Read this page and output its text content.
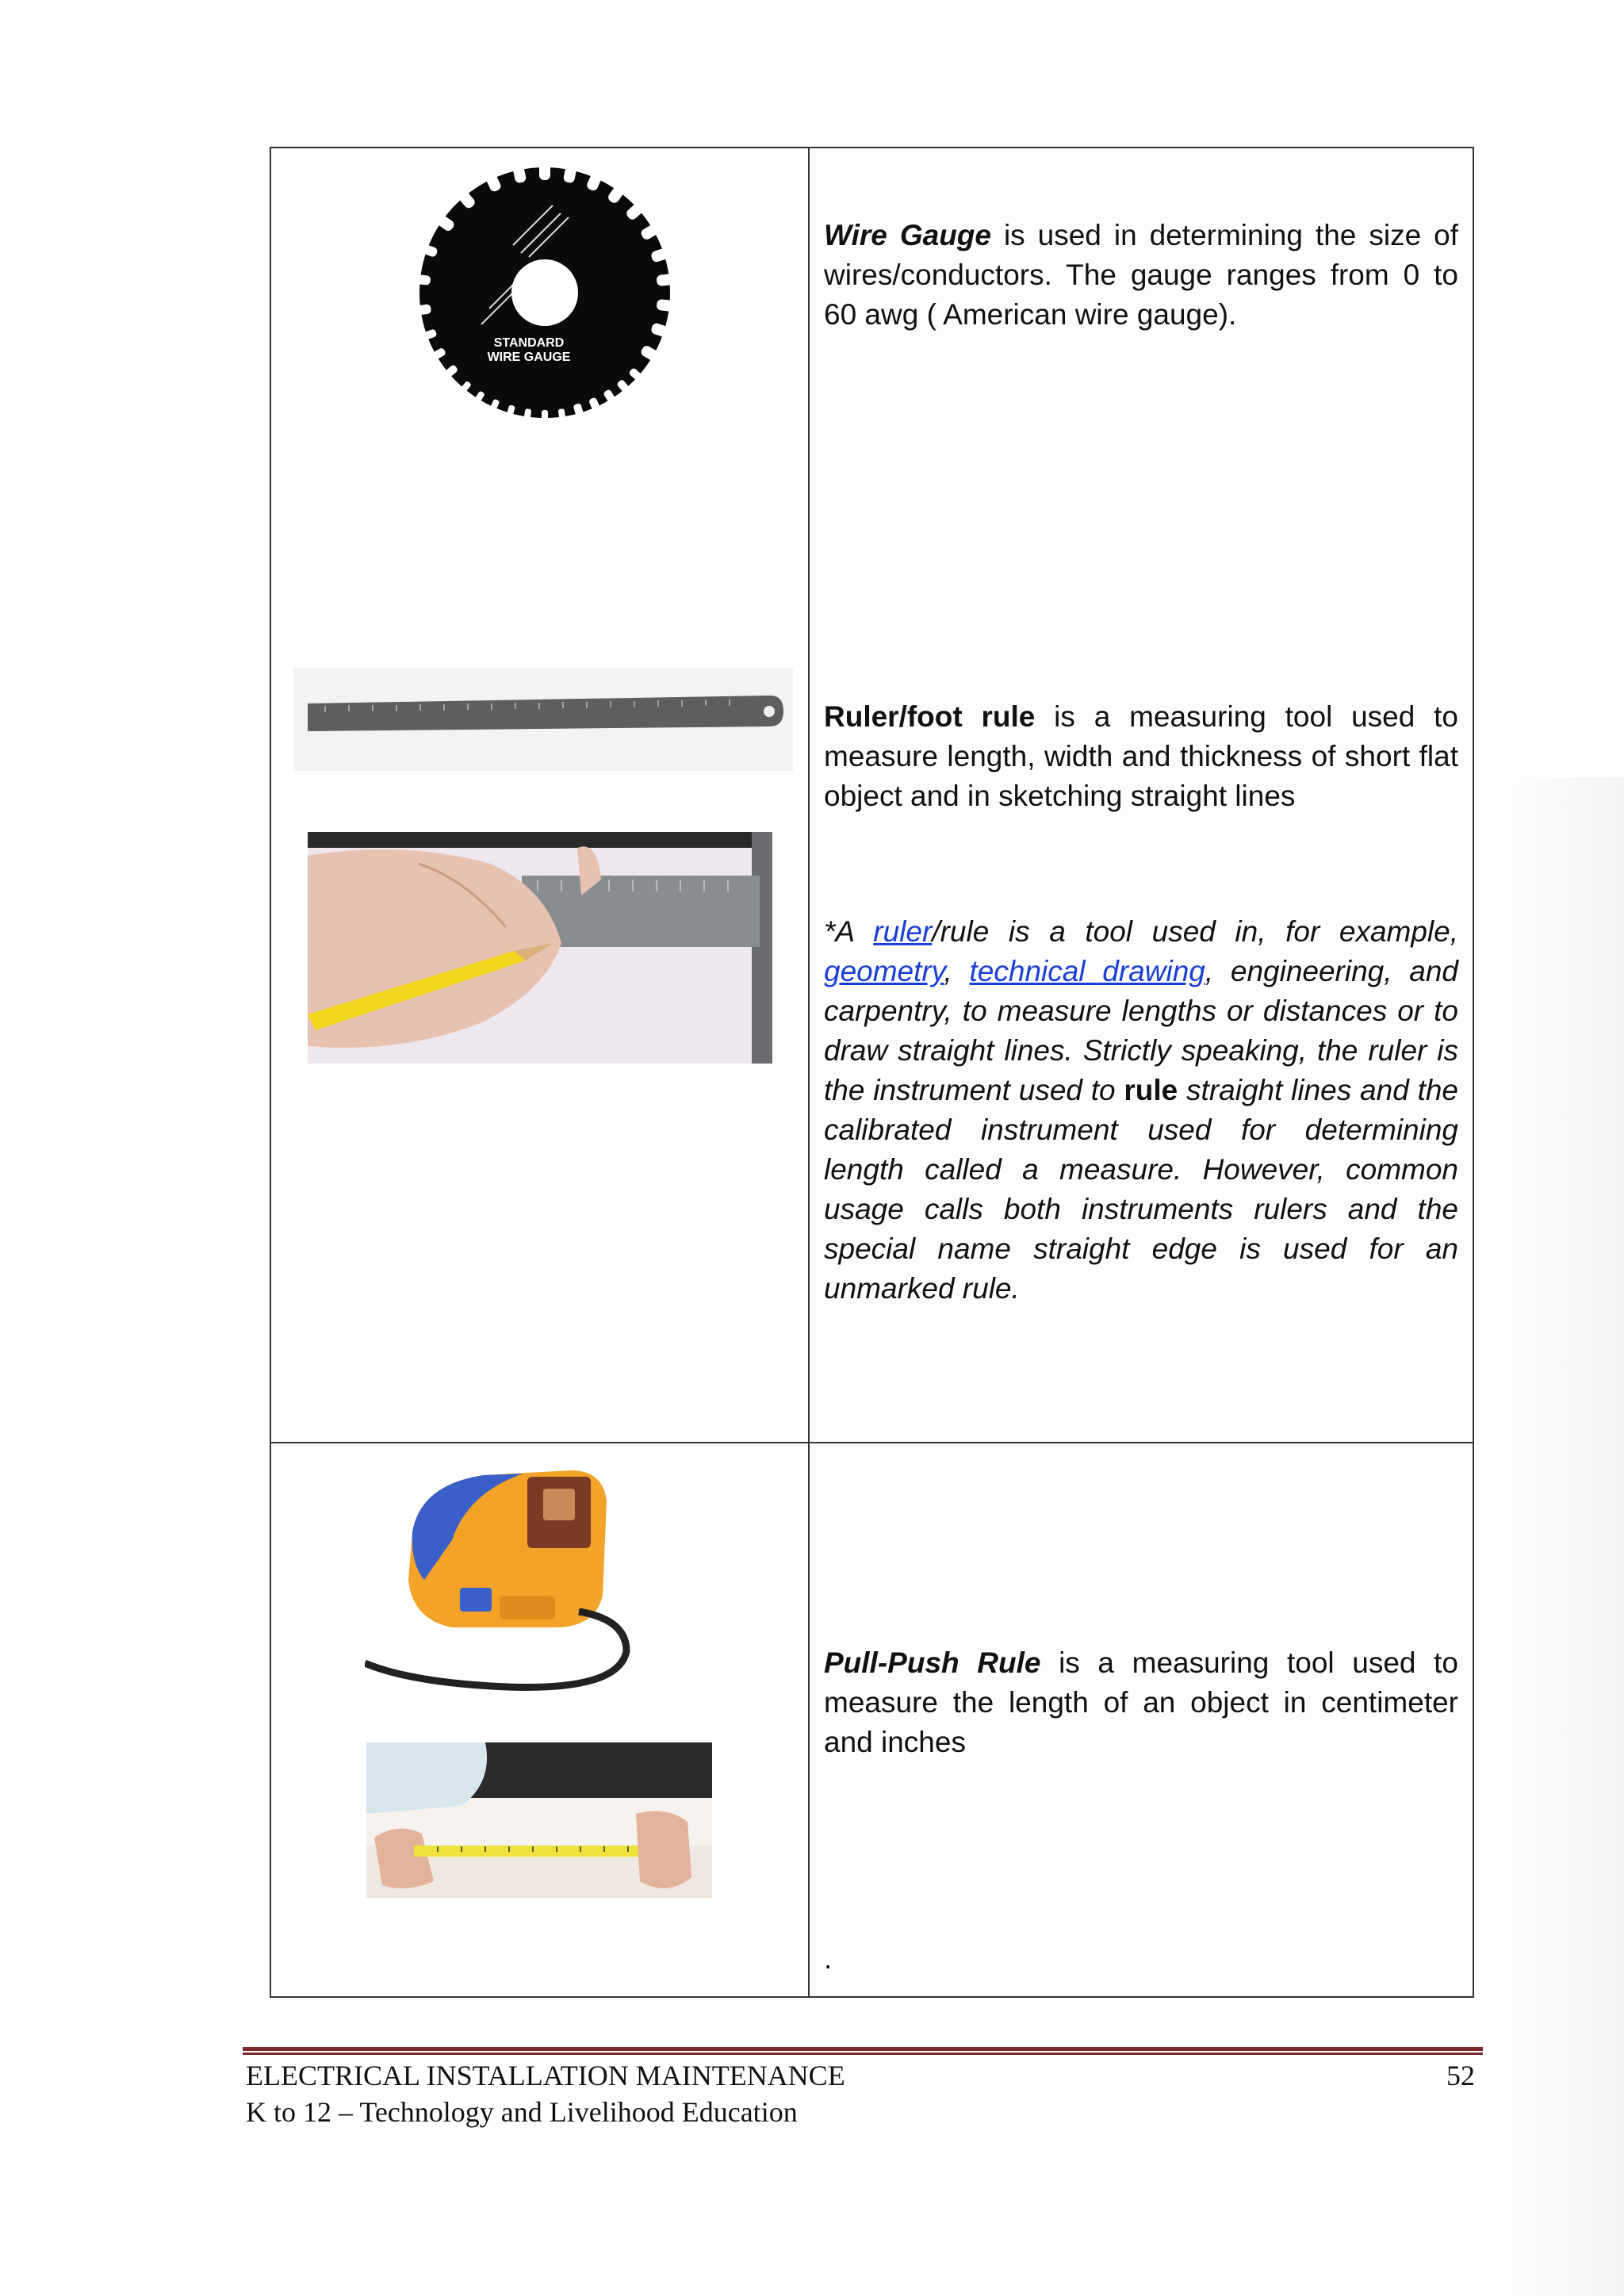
STANDARD
WIRE GAUGE
Wire Gauge is used in determining the size of wires/conductors. The gauge ranges from 0 to 60 awg ( American wire gauge).
Ruler/foot rule is a measuring tool used to measure length, width and thickness of short flat object and in sketching straight lines
*A ruler/rule is a tool used in, for example, geometry, technical drawing, engineering, and carpentry, to measure lengths or distances or to draw straight lines. Strictly speaking, the ruler is the instrument used to rule straight lines and the calibrated instrument used for determining length called a measure. However, common usage calls both instruments rulers and the special name straight edge is used for an unmarked rule.
Pull-Push Rule is a measuring tool used to measure the length of an object in centimeter and inches
.
ELECTRICAL INSTALLATION MAINTENANCE	52
K to 12 – Technology and Livelihood Education
